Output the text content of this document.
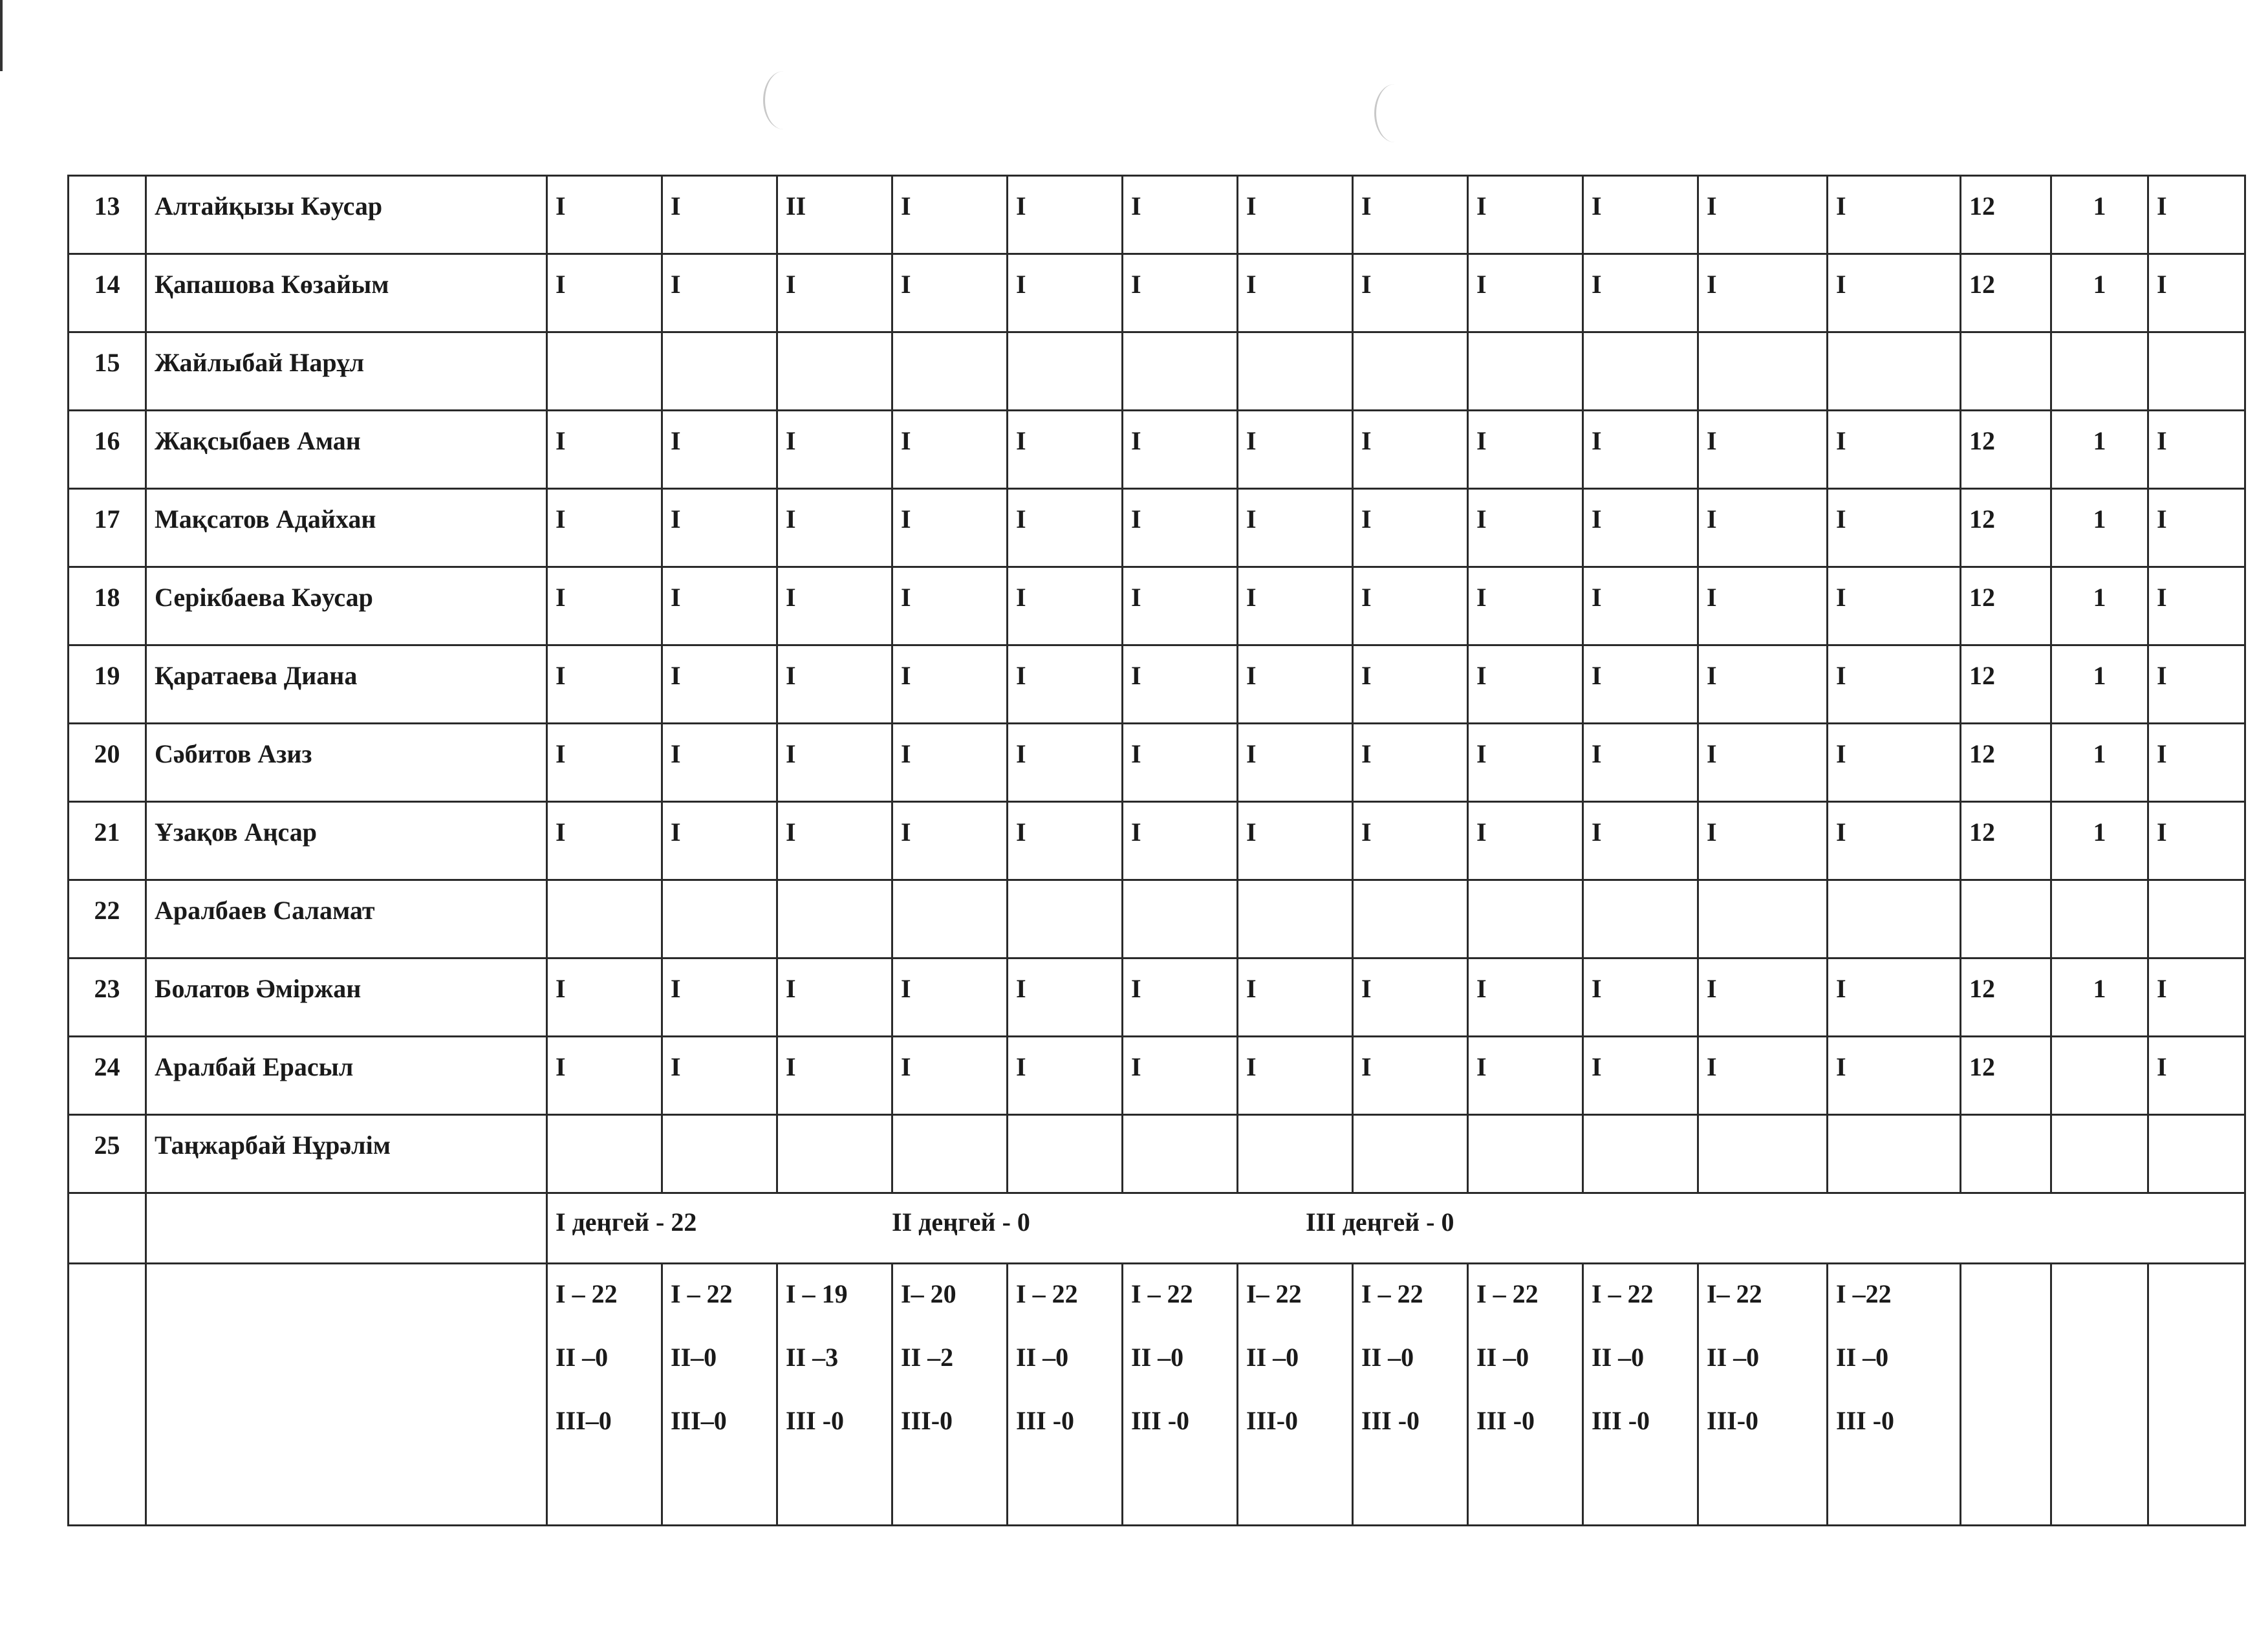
13	Алтайқызы Кәусар	I	I	II	I	I	I	I	I	I	I	I	I	12	1	I
14	Қапашова Көзайым	I	I	I	I	I	I	I	I	I	I	I	I	12	1	I
15	Жайлыбай Нарұл															
16	Жақсыбаев Аман	I	I	I	I	I	I	I	I	I	I	I	I	12	1	I
17	Мақсатов Адайхан	I	I	I	I	I	I	I	I	I	I	I	I	12	1	I
18	Серікбаева Кәусар	I	I	I	I	I	I	I	I	I	I	I	I	12	1	I
19	Қаратаева Диана	I	I	I	I	I	I	I	I	I	I	I	I	12	1	I
20	Сәбитов Азиз	I	I	I	I	I	I	I	I	I	I	I	I	12	1	I
21	Ұзақов Аңсар	I	I	I	I	I	I	I	I	I	I	I	I	12	1	I
22	Аралбаев Саламат															
23	Болатов Әміржан	I	I	I	I	I	I	I	I	I	I	I	I	12	1	I
24	Аралбай Ерасыл	I	I	I	I	I	I	I	I	I	I	I	I	12		I
25	Таңжарбай Нұрәлім															
		I деңгей - 22 II деңгей - 0 III деңгей - 0														

		I – 22
II –0
III–0	I – 22
II–0
III–0	I – 19
II –3
III -0	I– 20
II –2
III-0	I – 22
II –0
III -0	I – 22
II –0
III -0	I– 22
II –0
III-0	I – 22
II –0
III -0	I – 22
II –0
III -0	I – 22
II –0
III -0	I– 22
II –0
III-0	I –22
II –0
III -0			
